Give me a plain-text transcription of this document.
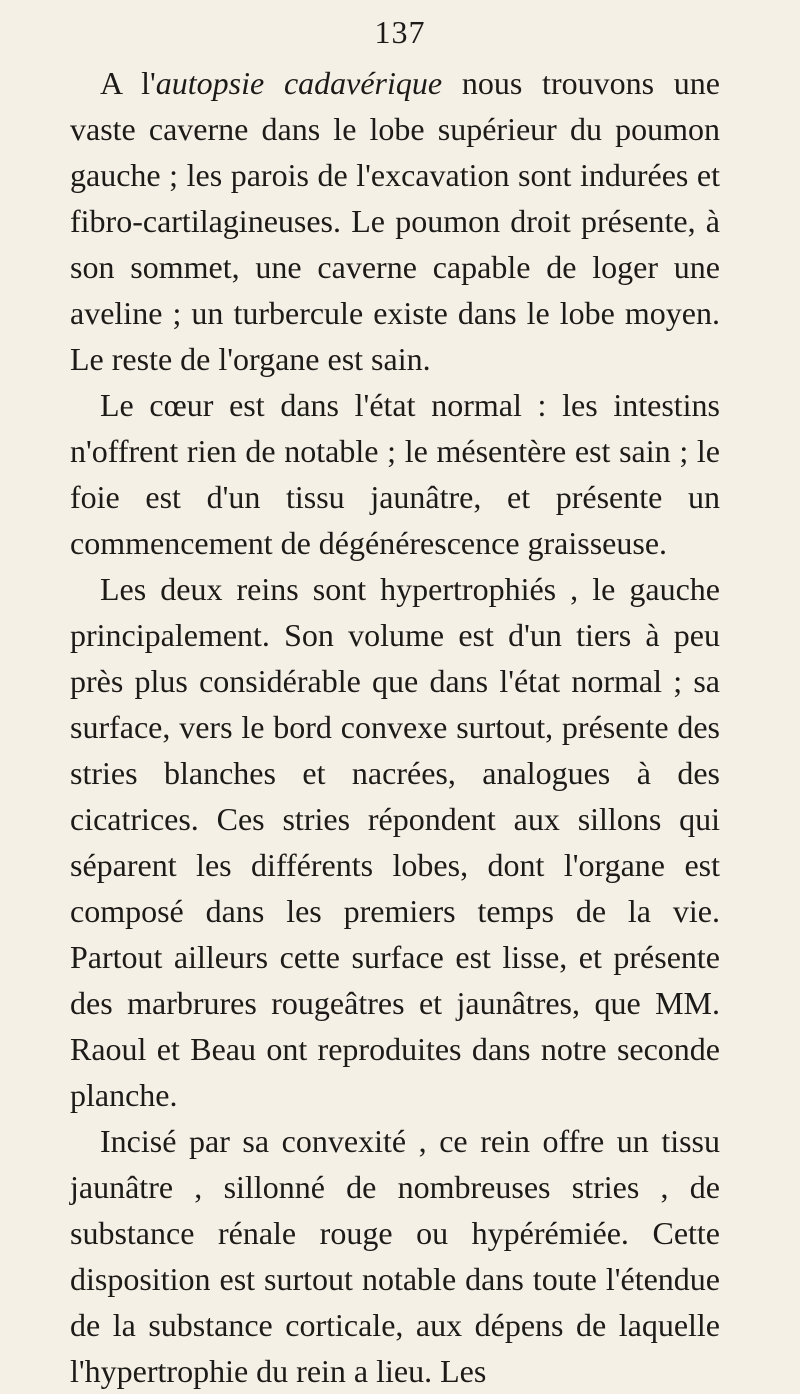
137

A l'autopsie cadavérique nous trouvons une vaste caverne dans le lobe supérieur du poumon gauche ; les parois de l'excavation sont indurées et fibro-cartilagineuses. Le poumon droit présente, à son sommet, une caverne capable de loger une aveline ; un turbercule existe dans le lobe moyen. Le reste de l'organe est sain.

Le cœur est dans l'état normal : les intestins n'offrent rien de notable ; le mésentère est sain ; le foie est d'un tissu jaunâtre, et présente un commencement de dégénérescence graisseuse.

Les deux reins sont hypertrophiés , le gauche principalement. Son volume est d'un tiers à peu près plus considérable que dans l'état normal ; sa surface, vers le bord convexe surtout, présente des stries blanches et nacrées, analogues à des cicatrices. Ces stries répondent aux sillons qui séparent les différents lobes, dont l'organe est composé dans les premiers temps de la vie. Partout ailleurs cette surface est lisse, et présente des marbrures rougeâtres et jaunâtres, que MM. Raoul et Beau ont reproduites dans notre seconde planche.

Incisé par sa convexité , ce rein offre un tissu jaunâtre , sillonné de nombreuses stries , de substance rénale rouge ou hypérémiée. Cette disposition est surtout notable dans toute l'étendue de la substance corticale, aux dépens de laquelle l'hypertrophie du rein a lieu. Les
